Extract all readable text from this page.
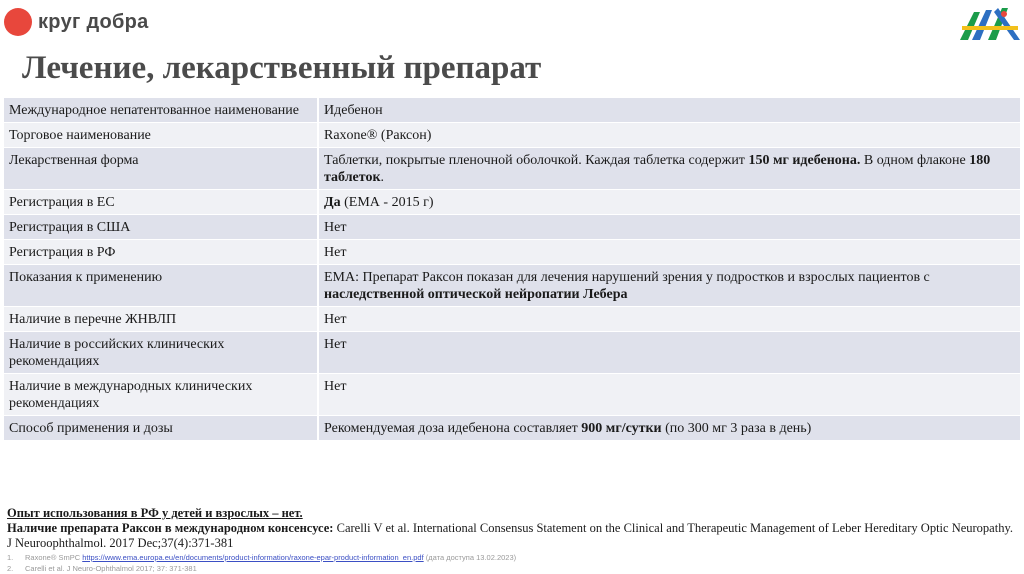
круг добра
Лечение, лекарственный препарат
Международное непатентованное наименование	Идебенон
Торговое наименование	Raxone® (Раксон)
Лекарственная форма	Таблетки, покрытые пленочной оболочкой. Каждая таблетка содержит 150 мг идебенона. В одном флаконе 180 таблеток.
Регистрация в ЕС	Да (ЕМА - 2015 г)
Регистрация в США	Нет
Регистрация в РФ	Нет
Показания к применению	ЕМА: Препарат Раксон показан для лечения нарушений зрения у подростков и взрослых пациентов с наследственной оптической нейропатии Лебера
Наличие в перечне ЖНВЛП	Нет
Наличие в российских клинических рекомендациях	Нет
Наличие в международных клинических рекомендациях	Нет
Способ применения и дозы	Рекомендуемая доза идебенона составляет 900 мг/сутки (по 300 мг 3 раза в день)
Опыт использования в РФ у детей и взрослых – нет.
Наличие препарата Раксон в международном консенсусе: Carelli V et al. International Consensus Statement on the Clinical and Therapeutic Management of Leber Hereditary Optic Neuropathy. J Neuroophthalmol. 2017 Dec;37(4):371-381
1. Raxone® SmPC https://www.ema.europa.eu/en/documents/product-information/raxone-epar-product-information_en.pdf (дата доступа 13.02.2023)
2. Carelli et al. J Neuro-Ophthalmol 2017; 37: 371-381
